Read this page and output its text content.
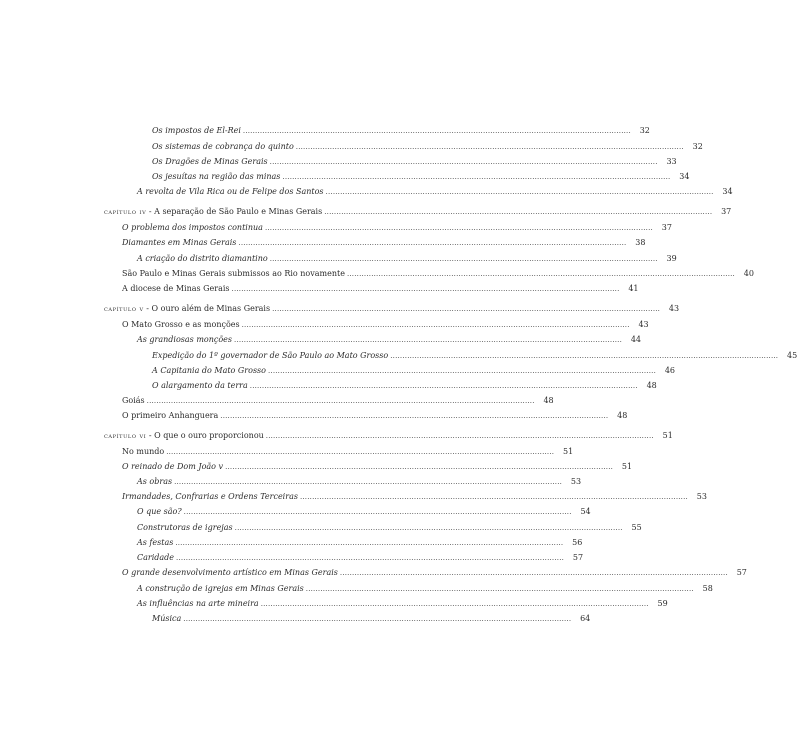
Os impostos de El-Rei ................................................................................................................................................................	32
Os sistemas de cobrança do quinto ................................................................................................................................................................	32
Os Dragões de Minas Gerais ................................................................................................................................................................	33
Os jesuítas na região das minas ................................................................................................................................................................	34
A revolta de Vila Rica ou de Felipe dos Santos ................................................................................................................................................................	34
capítulo iv - A separação de São Paulo e Minas Gerais ................................................................................................................................................................	37
O problema dos impostos continua ................................................................................................................................................................	37
Diamantes em Minas Gerais ................................................................................................................................................................	38
A criação do distrito diamantino ................................................................................................................................................................	39
São Paulo e Minas Gerais submissos ao Rio novamente ................................................................................................................................................................	40
A diocese de Minas Gerais ................................................................................................................................................................	41
capítulo v - O ouro além de Minas Gerais ................................................................................................................................................................	43
O Mato Grosso e as monções ................................................................................................................................................................	43
As grandiosas monções ................................................................................................................................................................	44
Expedição do 1º governador de São Paulo ao Mato Grosso ................................................................................................................................................................	45
A Capitania do Mato Grosso ................................................................................................................................................................	46
O alargamento da terra ................................................................................................................................................................	48
Goiás ................................................................................................................................................................	48
O primeiro Anhanguera ................................................................................................................................................................	48
capítulo vi - O que o ouro proporcionou ................................................................................................................................................................	51
No mundo ................................................................................................................................................................	51
O reinado de Dom João v ................................................................................................................................................................	51
As obras ................................................................................................................................................................	53
Irmandades, Confrarias e Ordens Terceiras ................................................................................................................................................................	53
O que são? ................................................................................................................................................................	54
Construtoras de igrejas ................................................................................................................................................................	55
As festas ................................................................................................................................................................	56
Caridade ................................................................................................................................................................	57
O grande desenvolvimento artístico em Minas Gerais ................................................................................................................................................................	57
A construção de igrejas em Minas Gerais ................................................................................................................................................................	58
As influências na arte mineira ................................................................................................................................................................	59
Música ................................................................................................................................................................	64
